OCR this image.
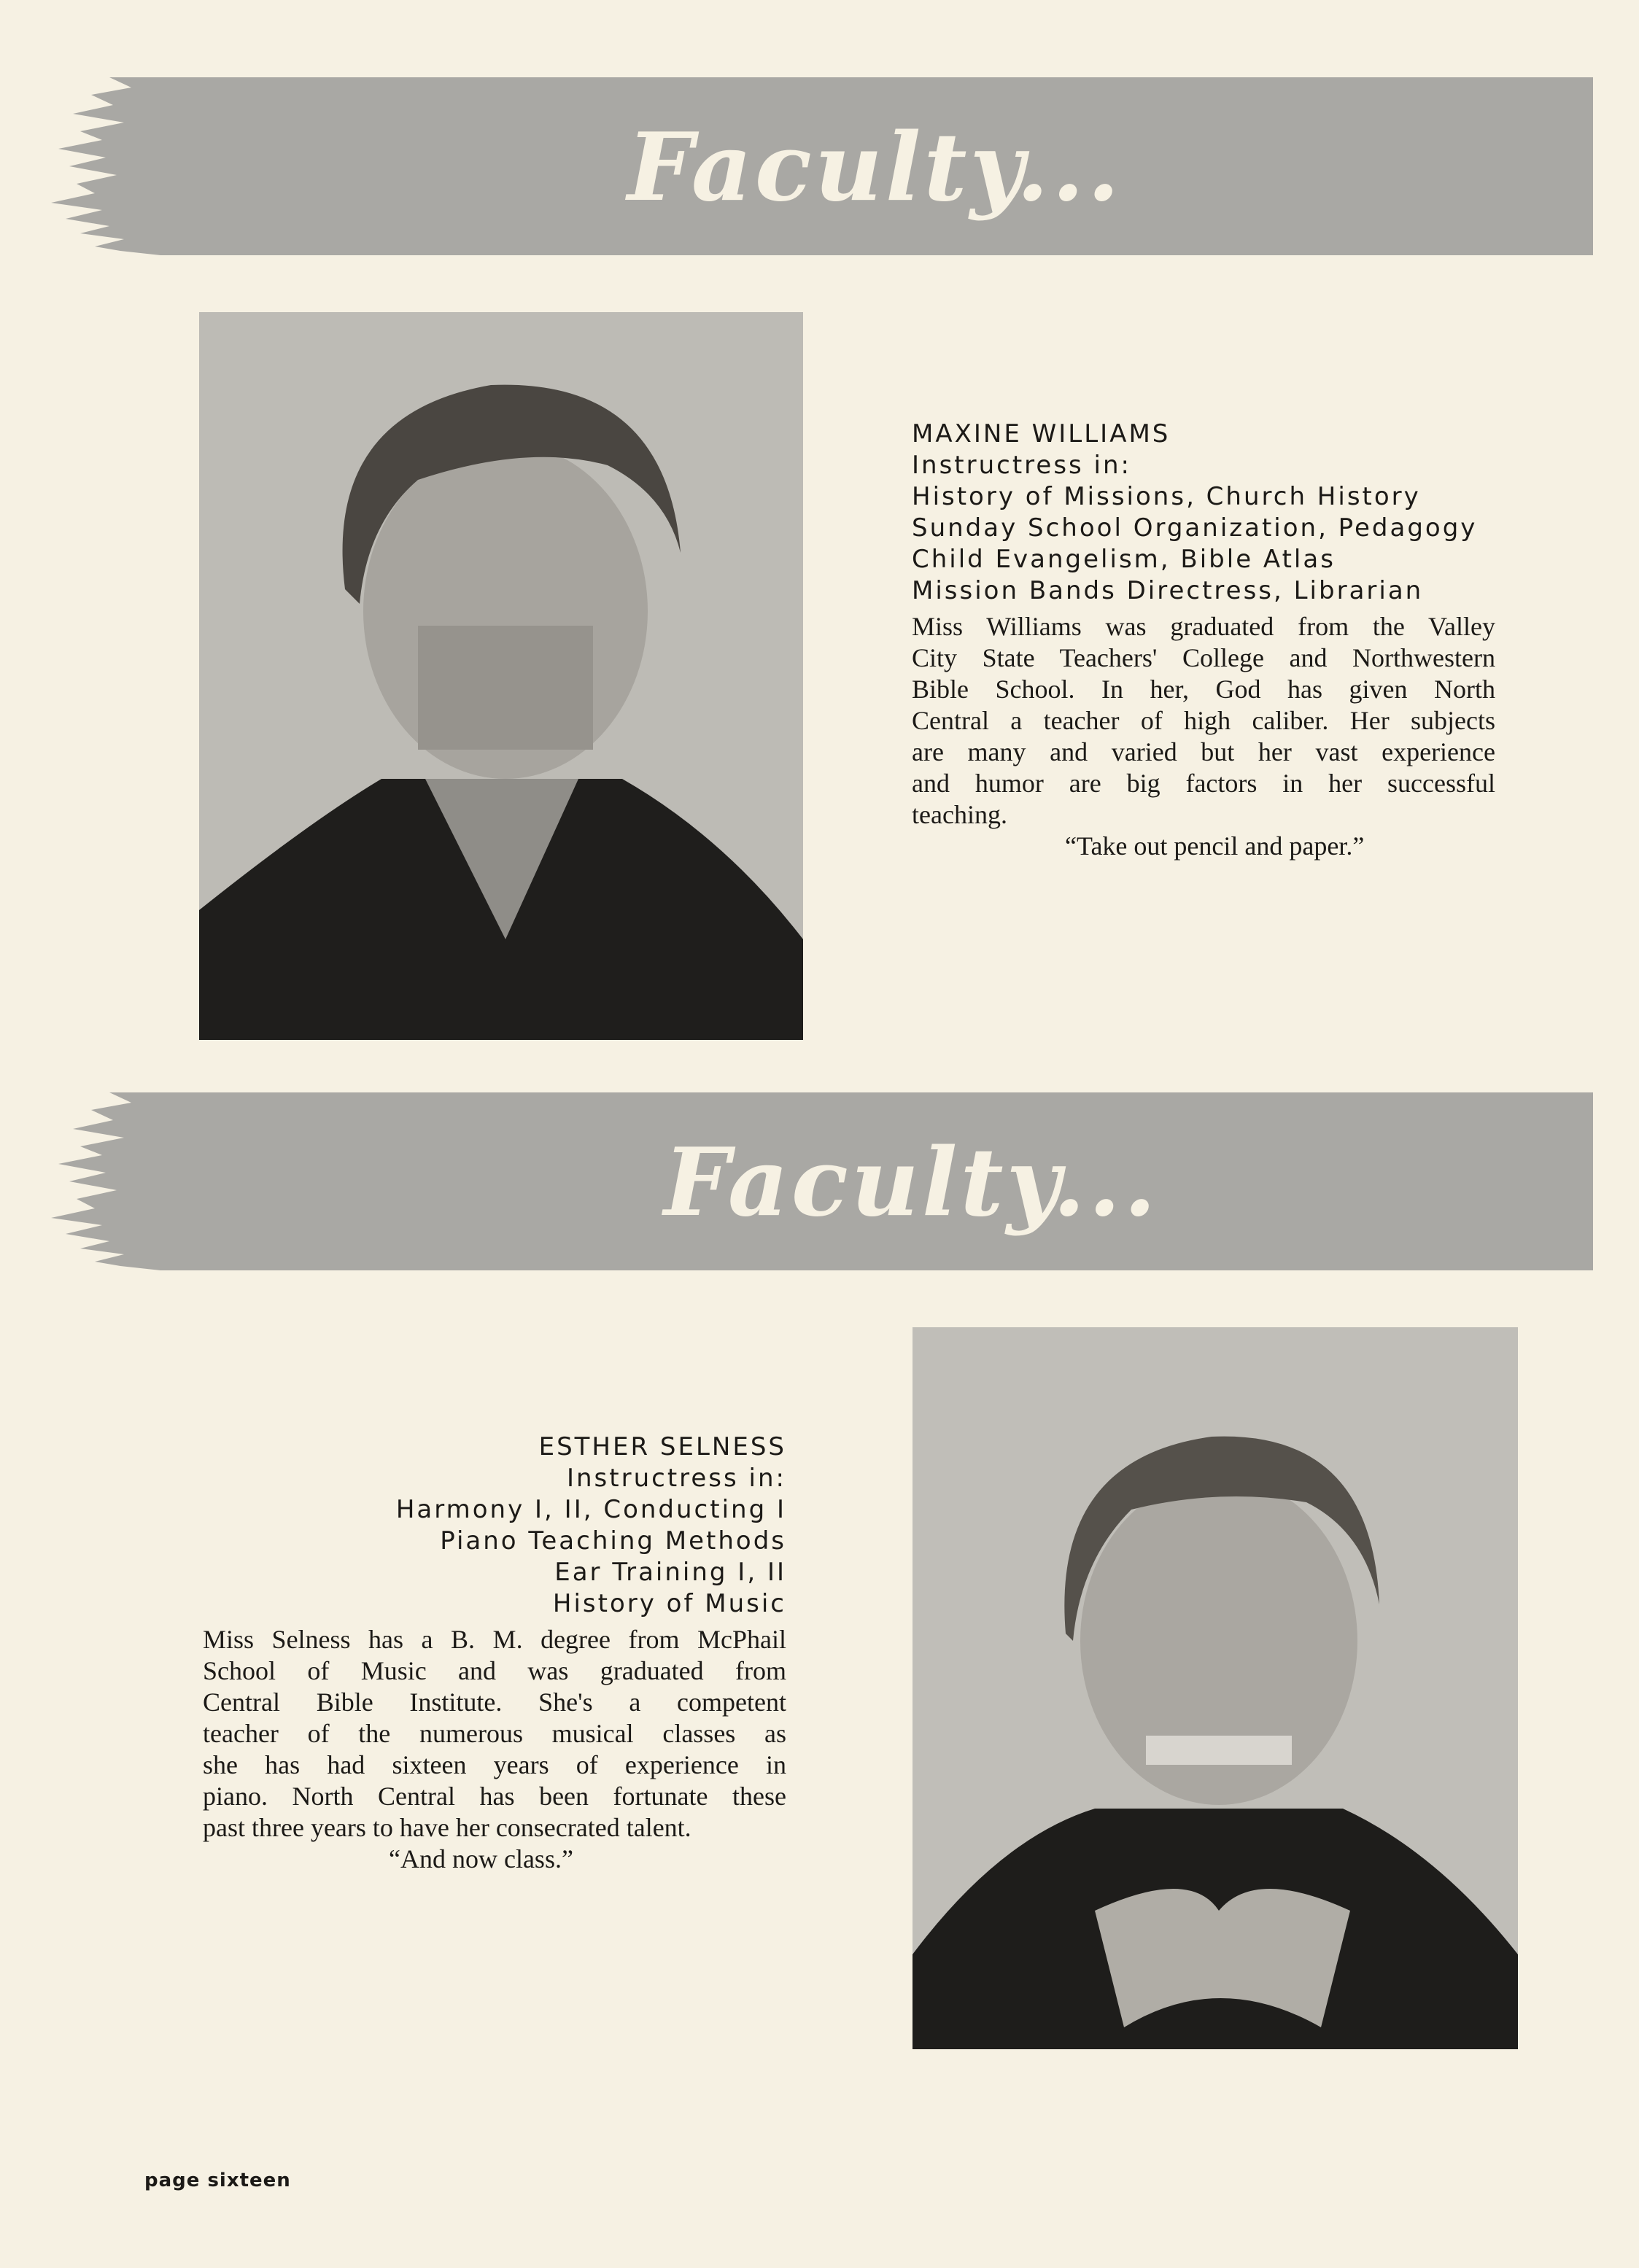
Faculty...
MAXINE WILLIAMS
Instructress in:
History of Missions, Church History
Sunday School Organization, Pedagogy
Child Evangelism, Bible Atlas
Mission Bands Directress, Librarian
Miss Williams was graduated from the Valley
City State Teachers' College and Northwestern
Bible School. In her, God has given North
Central a teacher of high caliber. Her subjects
are many and varied but her vast experience
and humor are big factors in her successful
teaching.
“Take out pencil and paper.”
Faculty...
ESTHER SELNESS
Instructress in:
Harmony I, II, Conducting I
Piano Teaching Methods
Ear Training I, II
History of Music
Miss Selness has a B. M. degree from McPhail
School of Music and was graduated from
Central Bible Institute. She's a competent
teacher of the numerous musical classes as
she has had sixteen years of experience in
piano. North Central has been fortunate these
past three years to have her consecrated talent.
“And now class.”
page sixteen
